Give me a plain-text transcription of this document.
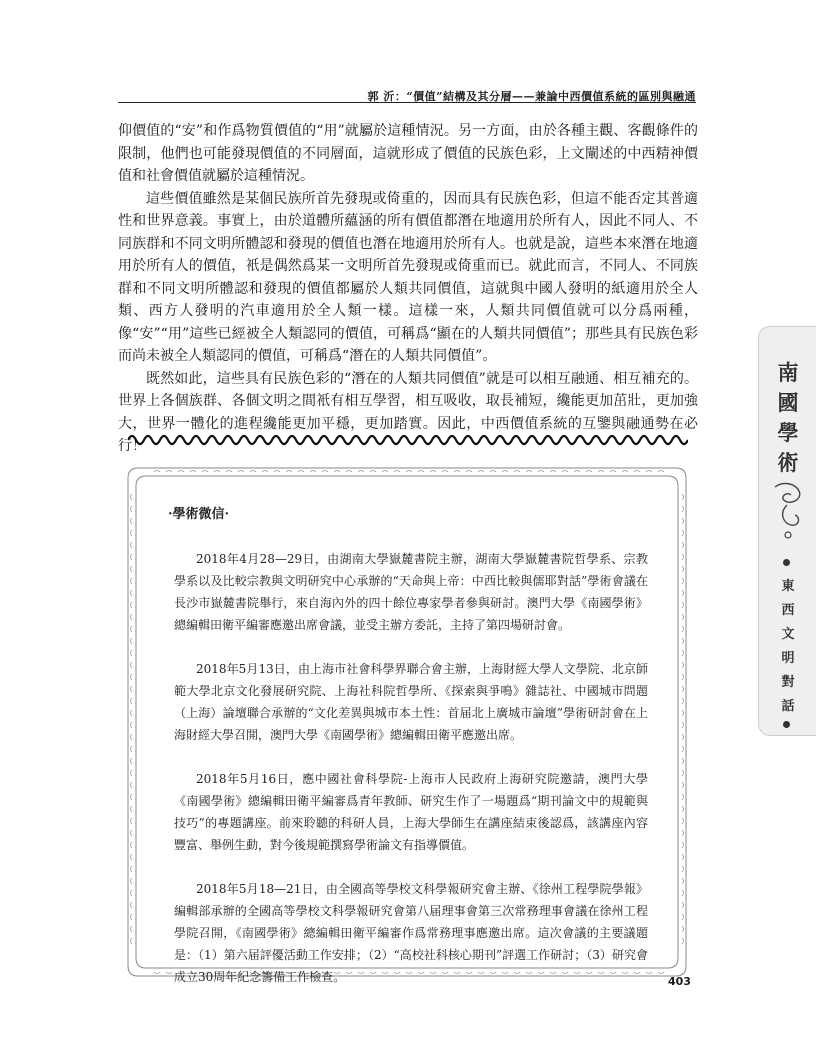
郭 沂：“價值”結構及其分層——兼論中西價值系統的區別與融通

仰價值的“安”和作爲物質價值的“用”就屬於這種情況。另一方面，由於各種主觀、客觀條件的限制，他們也可能發現價值的不同層面，這就形成了價值的民族色彩，上文闡述的中西精神價值和社會價值就屬於這種情況。

這些價值雖然是某個民族所首先發現或倚重的，因而具有民族色彩，但這不能否定其普適性和世界意義。事實上，由於道體所蘊涵的所有價值都潛在地適用於所有人，因此不同人、不同族群和不同文明所體認和發現的價值也潛在地適用於所有人。也就是說，這些本來潛在地適用於所有人的價值，衹是偶然爲某一文明所首先發現或倚重而已。就此而言，不同人、不同族群和不同文明所體認和發現的價值都屬於人類共同價值，這就與中國人發明的紙適用於全人類、西方人發明的汽車適用於全人類一樣。這樣一來，人類共同價值就可以分爲兩種，像“安”“用”這些已經被全人類認同的價值，可稱爲“顯在的人類共同價值”；那些具有民族色彩而尚未被全人類認同的價值，可稱爲“潛在的人類共同價值”。

既然如此，這些具有民族色彩的“潛在的人類共同價值”就是可以相互融通、相互補充的。世界上各個族群、各個文明之間衹有相互學習，相互吸收，取長補短，纔能更加茁壯，更加強大，世界一體化的進程纔能更加平穩，更加踏實。因此，中西價值系統的互鑒與融通勢在必行！

南
國
學
術
東
西
文
明
對
話
·學術微信·

2018年4月28—29日，由湖南大學嶽麓書院主辦，湖南大學嶽麓書院哲學系、宗教學系以及比較宗教與文明研究中心承辦的“天命與上帝：中西比較與儒耶對話”學術會議在長沙市嶽麓書院舉行，來自海內外的四十餘位專家學者參與研討。澳門大學《南國學術》總編輯田衛平編審應邀出席會議，並受主辦方委託，主持了第四場研討會。

2018年5月13日，由上海市社會科學界聯合會主辦，上海財經大學人文學院、北京師範大學北京文化發展研究院、上海社科院哲學所、《探索與爭鳴》雜誌社、中國城市問題（上海）論壇聯合承辦的“文化差異與城市本土性：首届北上廣城市論壇”學術研討會在上海財經大學召開，澳門大學《南國學術》總編輯田衛平應邀出席。

2018年5月16日，應中國社會科學院-上海市人民政府上海研究院邀請，澳門大學《南國學術》總編輯田衛平編審爲青年教師、研究生作了一場題爲“期刊論文中的規範與技巧”的專題講座。前來聆聽的科研人員，上海大學師生在講座結束後認爲，該講座內容豐富、舉例生動，對今後規範撰寫學術論文有指導價值。

2018年5月18—21日，由全國高等學校文科學報研究會主辦、《徐州工程學院學報》編輯部承辦的全國高等學校文科學報研究會第八届理事會第三次常務理事會議在徐州工程學院召開，《南國學術》總編輯田衛平編審作爲常務理事應邀出席。這次會議的主要議題是：（1）第六届評優活動工作安排；（2）“高校社科核心期刊”評選工作研討；（3）研究會成立30周年紀念籌備工作檢查。	403
